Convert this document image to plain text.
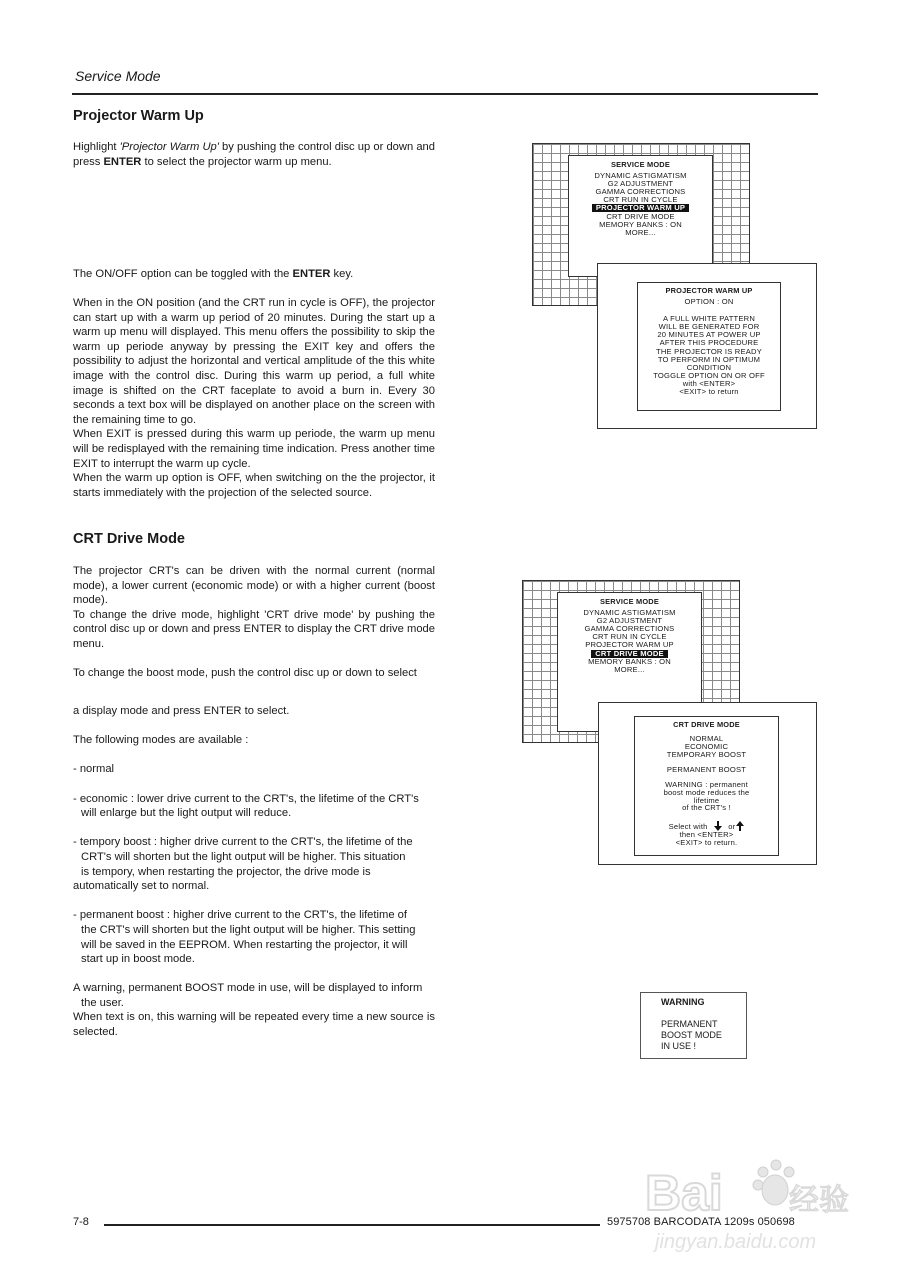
Service Mode
Projector Warm Up
Highlight 'Projector Warm Up' by pushing the control disc up or down and press ENTER to select the projector warm up menu.
The ON/OFF option can be toggled with the ENTER key.

When in the ON position (and the CRT run in cycle is OFF), the projector can start up with a warm up period of 20 minutes. During the start up a warm up menu will displayed. This menu offers the possibility to skip the warm up periode anyway by pressing the EXIT key and offers the possibility to adjust the horizontal and vertical amplitude of the this white image with the control disc. During this warm up period, a full white image is shifted on the CRT faceplate to avoid a burn in. Every 30 seconds a text box will be displayed on another place on the screen with the remaining time to go.

When EXIT is pressed during this warm up periode, the warm up menu will be redisplayed with the remaining time indication. Press another time EXIT to interrupt the warm up cycle.

When the warm up option is OFF, when switching on the the projector, it starts immediately with the projection of the selected source.

SERVICE MODE
DYNAMIC ASTIGMATISM
G2 ADJUSTMENT
GAMMA CORRECTIONS
CRT RUN IN CYCLE
PROJECTOR WARM UP
CRT DRIVE MODE
MEMORY BANKS : ON
MORE...
PROJECTOR WARM UP
OPTION : ON
A FULL WHITE PATTERN
WILL BE GENERATED FOR
20 MINUTES AT POWER UP
AFTER THIS PROCEDURE
THE PROJECTOR IS READY
TO PERFORM IN OPTIMUM
CONDITION
TOGGLE OPTION ON OR OFF
with <ENTER>
<EXIT> to return
CRT Drive Mode

The projector CRT's can be driven with the normal current (normal mode), a lower current (economic mode) or with a higher current (boost mode).

To change the drive mode, highlight 'CRT drive mode' by pushing the control disc up or down and press ENTER to display the CRT drive mode menu.

To change the boost mode, push the control disc up or down to select

a display mode and press ENTER to select.

The following modes are available :

- normal

- economic : lower drive current to the CRT's, the lifetime of the CRT's

will enlarge but the light output will reduce.

- tempory boost : higher drive current to the CRT's, the lifetime of the

CRT's will shorten but the light output will be higher. This situation

is tempory, when restarting the projector, the drive mode is

automatically set to normal.

- permanent boost : higher drive current to the CRT's, the lifetime of

the CRT's will shorten but the light output will be higher. This setting

will be saved in the EEPROM. When restarting the projector, it will

start up in boost mode.

A warning, permanent BOOST mode in use, will be displayed to inform

the user.

When text is on, this warning will be repeated every time a new source is selected.

SERVICE MODE
DYNAMIC ASTIGMATISM
G2 ADJUSTMENT
GAMMA CORRECTIONS
CRT RUN IN CYCLE
PROJECTOR WARM UP
CRT DRIVE MODE
MEMORY BANKS : ON
MORE...
CRT DRIVE MODE
NORMAL
ECONOMIC
TEMPORARY BOOST
PERMANENT BOOST
WARNING : permanent
boost mode reduces the
lifetime
of the CRT's !
Select with	or
then <ENTER>
<EXIT> to return.
WARNING
PERMANENT
BOOST MODE
IN USE !
Bai 经验
jingyan.baidu.com
7-8	5975708 BARCODATA 1209s 050698
